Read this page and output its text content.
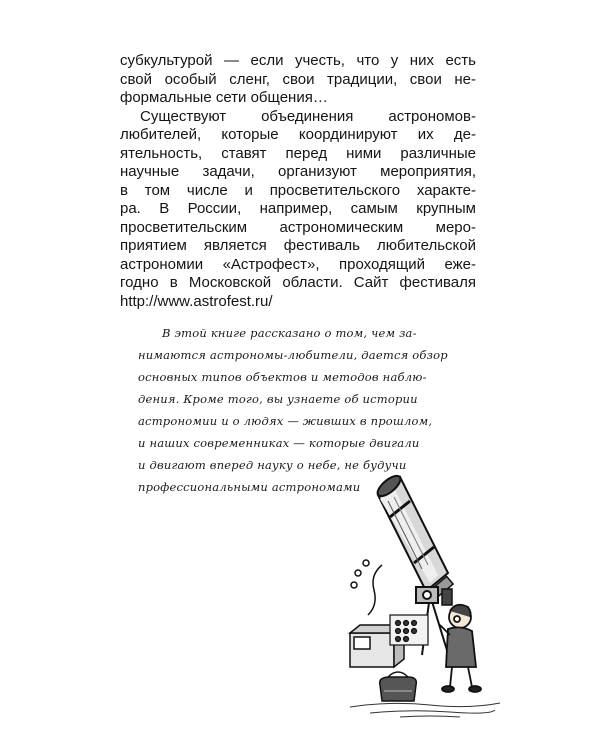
субкультурой — если учесть, что у них есть
свой особый сленг, свои традиции, свои не-
формальные сети общения…
Существуют объединения астрономов-
любителей, которые координируют их де-
ятельность, ставят перед ними различные
научные задачи, организуют мероприятия,
в том числе и просветительского характе-
ра. В России, например, самым крупным
просветительским астрономическим меро-
приятием является фестиваль любительской
астрономии «Астрофест», проходящий еже-
годно в Московской области. Сайт фестиваля
http://www.astrofest.ru/
В этой книге рассказано о том, чем за-
нимаются астрономы-любители, дается обзор
основных типов объектов и методов наблю-
дения. Кроме того, вы узнаете об истории
астрономии и о людях — живших в прошлом,
и наших современниках — которые двигали
и двигают вперед науку о небе, не будучи
профессиональными астрономами
